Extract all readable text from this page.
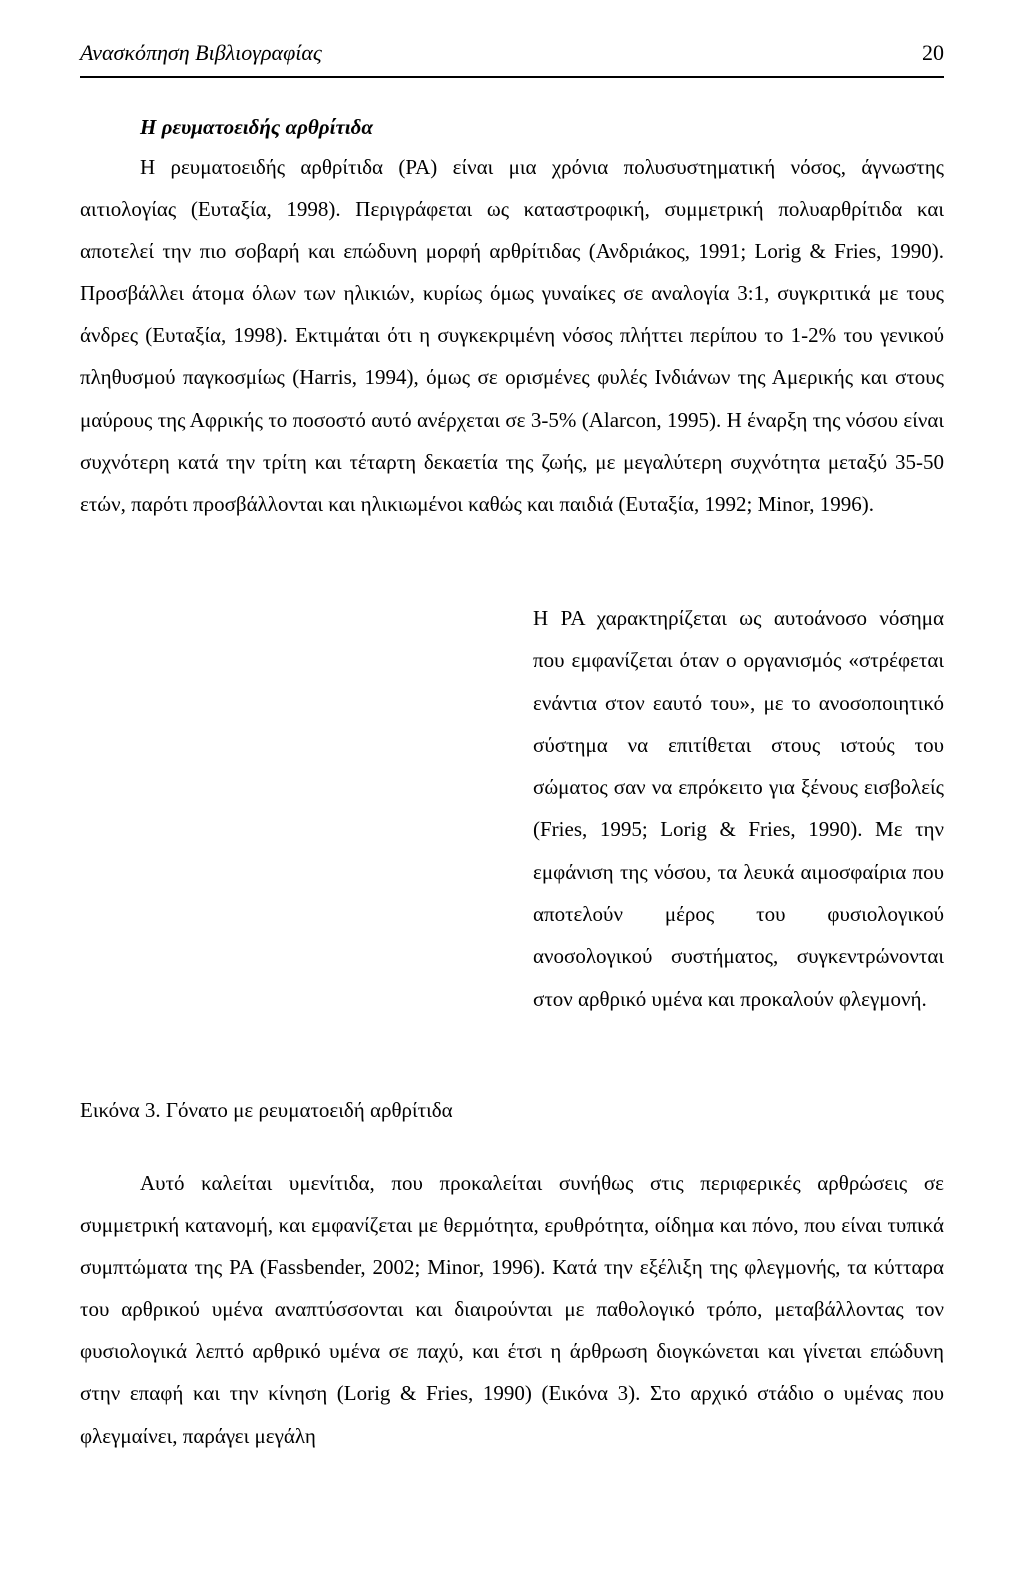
Ανασκόπηση Βιβλιογραφίας	20
Η ρευματοειδής αρθρίτιδα

Η ρευματοειδής αρθρίτιδα (ΡΑ) είναι μια χρόνια πολυσυστηματική νόσος, άγνωστης αιτιολογίας (Ευταξία, 1998). Περιγράφεται ως καταστροφική, συμμετρική πολυαρθρίτιδα και αποτελεί την πιο σοβαρή και επώδυνη μορφή αρθρίτιδας (Ανδριάκος, 1991; Lorig & Fries, 1990). Προσβάλλει άτομα όλων των ηλικιών, κυρίως όμως γυναίκες σε αναλογία 3:1, συγκριτικά με τους άνδρες (Ευταξία, 1998). Εκτιμάται ότι η συγκεκριμένη νόσος πλήττει περίπου το 1-2% του γενικού πληθυσμού παγκοσμίως (Harris, 1994), όμως σε ορισμένες φυλές Ινδιάνων της Αμερικής και στους μαύρους της Αφρικής το ποσοστό αυτό ανέρχεται σε 3-5% (Alarcon, 1995). Η έναρξη της νόσου είναι συχνότερη κατά την τρίτη και τέταρτη δεκαετία της ζωής, με μεγαλύτερη συχνότητα μεταξύ 35-50 ετών, παρότι προσβάλλονται και ηλικιωμένοι καθώς και παιδιά (Ευταξία, 1992; Minor, 1996).

Η ΡΑ χαρακτηρίζεται ως αυτοάνοσο νόσημα που εμφανίζεται όταν ο οργανισμός «στρέφεται ενάντια στον εαυτό του», με το ανοσοποιητικό σύστημα να επιτίθεται στους ιστούς του σώματος σαν να επρόκειτο για ξένους εισβολείς (Fries, 1995; Lorig & Fries, 1990). Με την εμφάνιση της νόσου, τα λευκά αιμοσφαίρια που αποτελούν μέρος του φυσιολογικού ανοσολογικού συστήματος, συγκεντρώνονται στον αρθρικό υμένα και προκαλούν φλεγμονή.

Εικόνα 3. Γόνατο με ρευματοειδή αρθρίτιδα

Αυτό καλείται υμενίτιδα, που προκαλείται συνήθως στις περιφερικές αρθρώσεις σε συμμετρική κατανομή, και εμφανίζεται με θερμότητα, ερυθρότητα, οίδημα και πόνο, που είναι τυπικά συμπτώματα της ΡΑ (Fassbender, 2002; Minor, 1996). Κατά την εξέλιξη της φλεγμονής, τα κύτταρα του αρθρικού υμένα αναπτύσσονται και διαιρούνται με παθολογικό τρόπο, μεταβάλλοντας τον φυσιολογικά λεπτό αρθρικό υμένα σε παχύ, και έτσι η άρθρωση διογκώνεται και γίνεται επώδυνη στην επαφή και την κίνηση (Lorig & Fries, 1990) (Εικόνα 3). Στο αρχικό στάδιο ο υμένας που φλεγμαίνει, παράγει μεγάλη
